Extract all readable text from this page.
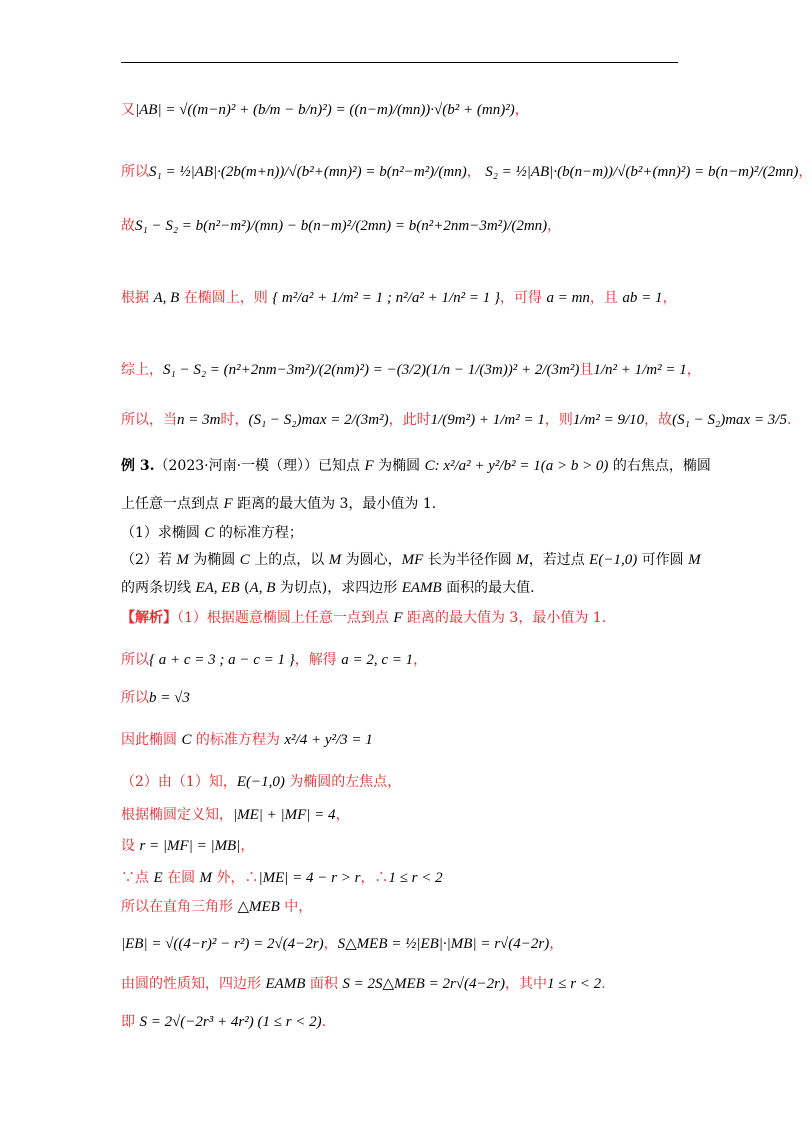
又|AB| = √((m−n)² + (b/m − b/n)²) = ((n−m)/(mn))·√(b² + (mn)²)，
所以S₁ = ½|AB|·(2b(m+n))/√(b²+(mn)²) = b(n²−m²)/(mn)， S₂ = ½|AB|·(b(n−m))/√(b²+(mn)²) = b(n−m)²/(2mn)，
故S₁ − S₂ = b(n²−m²)/(mn) − b(n−m)²/(2mn) = b(n²+2nm−3m²)/(2mn)，
根据 A, B 在椭圆上，则 { m²/a² + 1/m² = 1 ; n²/a² + 1/n² = 1 }，可得 a = mn，且 ab = 1，
综上，S₁ − S₂ = (n²+2nm−3m²)/(2(nm)²) = −(3/2)(1/n − 1/(3m))² + 2/(3m²)且1/n² + 1/m² = 1，
所以，当n = 3m时，(S₁ − S₂)max = 2/(3m²)，此时1/(9m²) + 1/m² = 1，则1/m² = 9/10，故(S₁ − S₂)max = 3/5.
例 3.（2023·河南·一模（理））已知点 F 为椭圆 C: x²/a² + y²/b² = 1(a > b > 0) 的右焦点，椭圆
上任意一点到点 F 距离的最大值为 3，最小值为 1.
（1）求椭圆 C 的标准方程；
（2）若 M 为椭圆 C 上的点，以 M 为圆心，MF 长为半径作圆 M，若过点 E(−1,0) 可作圆 M
的两条切线 EA, EB (A, B 为切点)，求四边形 EAMB 面积的最大值.
【解析】（1）根据题意椭圆上任意一点到点 F 距离的最大值为 3，最小值为 1.
所以{ a + c = 3 ; a − c = 1 }，解得 a = 2, c = 1，
所以b = √3
因此椭圆 C 的标准方程为 x²/4 + y²/3 = 1
（2）由（1）知，E(−1,0) 为椭圆的左焦点，
根据椭圆定义知，|ME| + |MF| = 4，
设 r = |MF| = |MB|，
∵点 E 在圆 M 外，∴|ME| = 4 − r > r，∴1 ≤ r < 2
所以在直角三角形 △MEB 中，
|EB| = √((4−r)² − r²) = 2√(4−2r)，S△MEB = ½|EB|·|MB| = r√(4−2r)，
由圆的性质知，四边形 EAMB 面积 S = 2S△MEB = 2r√(4−2r)，其中1 ≤ r < 2.
即 S = 2√(−2r³ + 4r²) (1 ≤ r < 2).
